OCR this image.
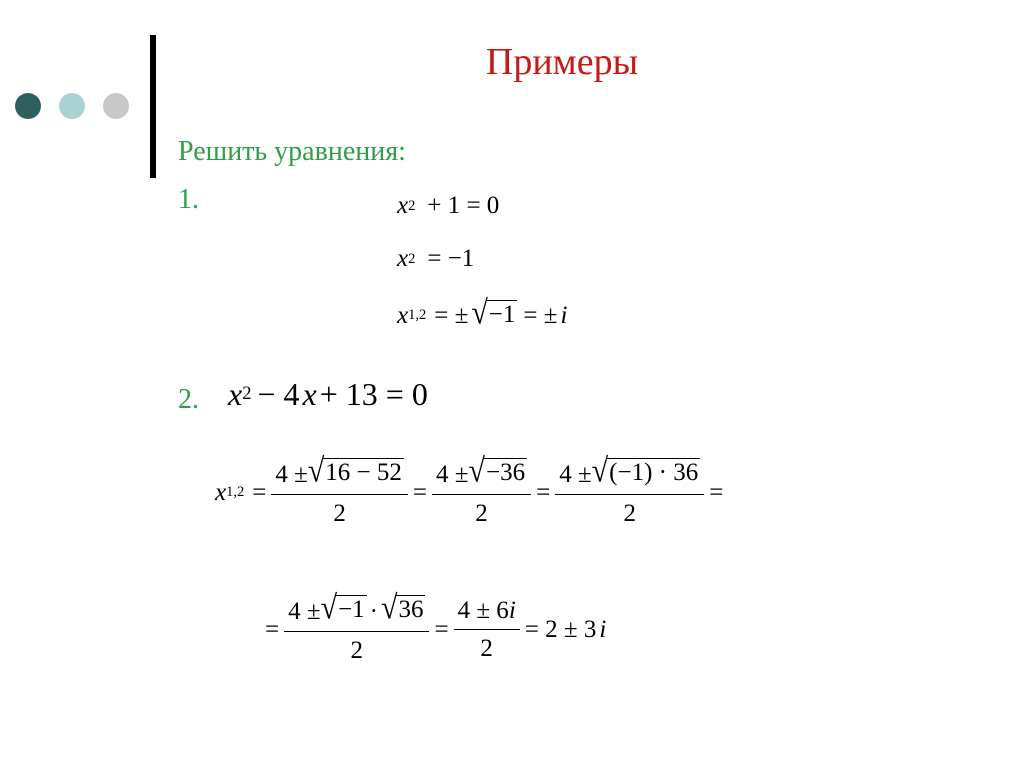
Примеры
Решить уравнения:
1.	x 2 + 1 = 0
x 2 = −1
x 1,2 = ± √ −1 = ± i
2. x 2 − 4 x + 13 = 0
x $1,2 = \frac{4 \pm √ 16 - 52}{2} = \frac{4 \pm √ -36}{2} = \frac{4 \pm √ (-1) \cdot 36}{2}$ =
= $\frac{4 \pm √ -1 \cdot √ 36}{2} = \frac{4 \pm 6i}{2} = 2 \pm 3$ i
